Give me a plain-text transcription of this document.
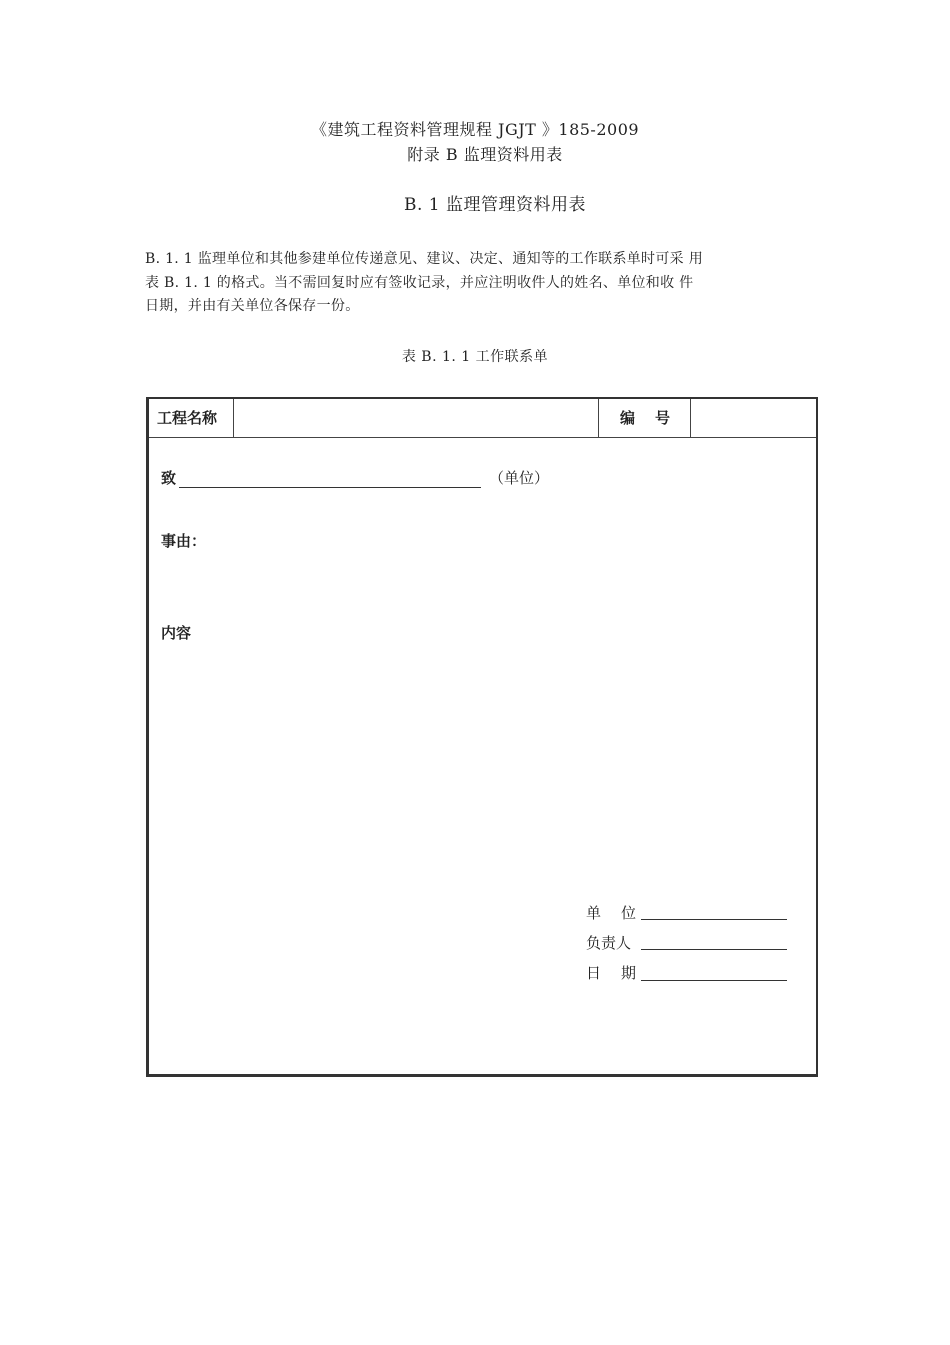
《建筑工程资料管理规程 JGJT 》185-2009
附录 B 监理资料用表
B. 1 监理管理资料用表
B. 1. 1 监理单位和其他参建单位传递意见、建议、决定、通知等的工作联系单时可采 用
表 B. 1. 1 的格式。当不需回复时应有签收记录，并应注明收件人的姓名、单位和收 件
日期，并由有关单位各保存一份。
表 B. 1. 1 工作联系单
工程名称	编号
致	（单位）
事由：
内容
单位
负责人
日期
